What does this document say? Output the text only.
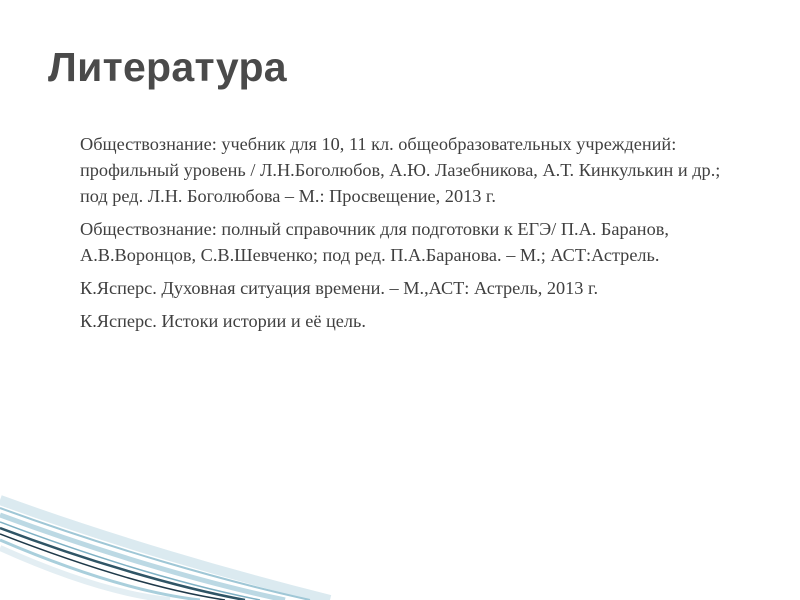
Литература
Обществознание: учебник для 10, 11 кл. общеобразовательных учреждений: профильный уровень / Л.Н.Боголюбов, А.Ю. Лазебникова, А.Т. Кинкулькин и др.; под ред. Л.Н. Боголюбова – М.: Просвещение, 2013 г.
Обществознание: полный справочник для подготовки к ЕГЭ/ П.А. Баранов, А.В.Воронцов, С.В.Шевченко; под ред. П.А.Баранова. – М.; АСТ:Астрель.
К.Ясперс. Духовная ситуация времени. – М.,АСТ: Астрель, 2013 г.
К.Ясперс. Истоки истории и её цель.
